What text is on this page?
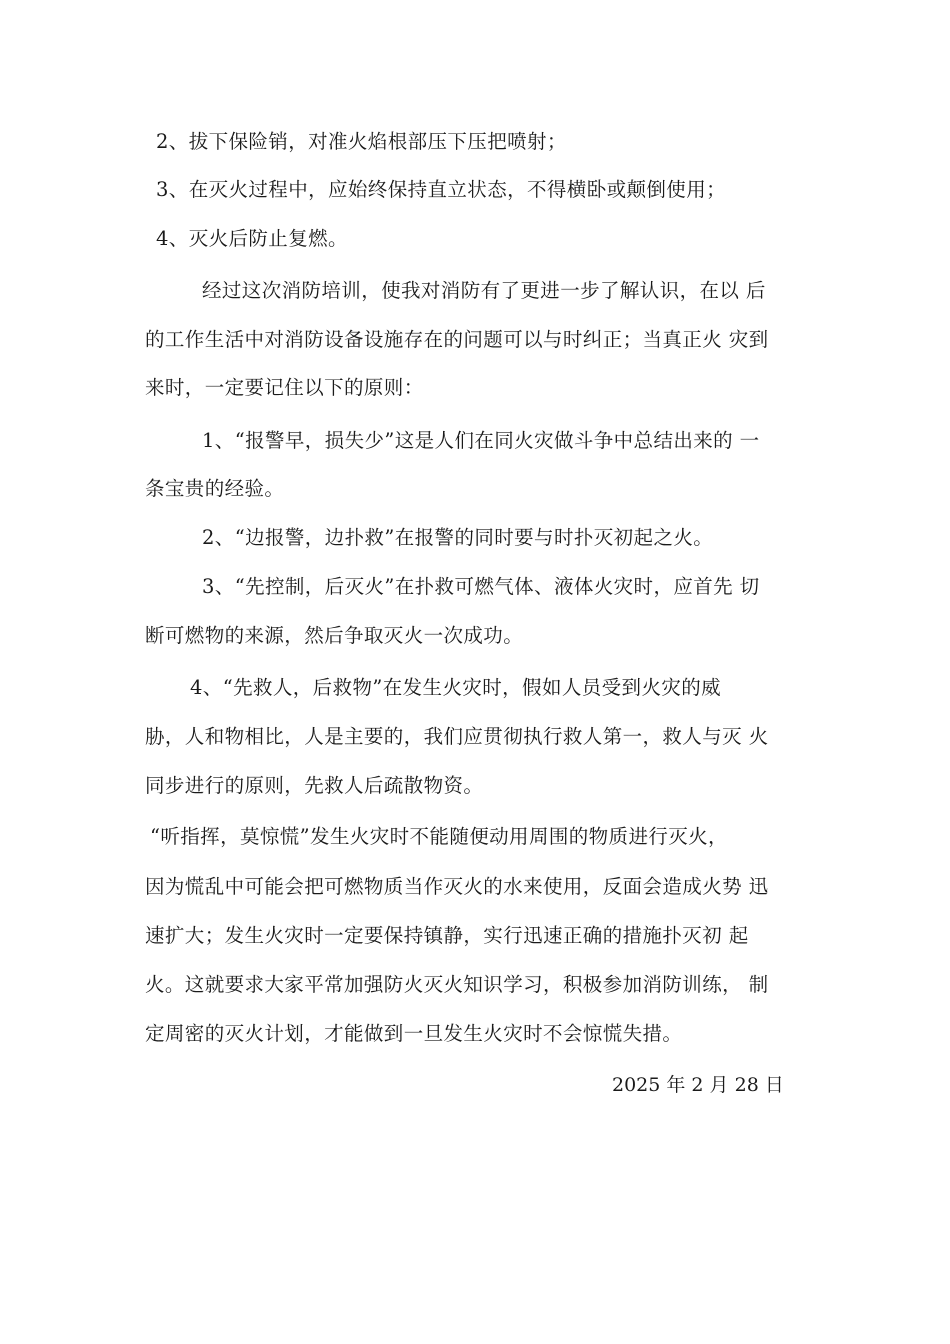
2、拔下保险销，对准火焰根部压下压把喷射；
3、在灭火过程中，应始终保持直立状态，不得横卧或颠倒使用；
4、灭火后防止复燃。
经过这次消防培训，使我对消防有了更进一步了解认识，在以 后
的工作生活中对消防设备设施存在的问题可以与时纠正；当真正火 灾到
来时，一定要记住以下的原则：
1、“报警早，损失少”这是人们在同火灾做斗争中总结出来的 一
条宝贵的经验。
2、“边报警，边扑救”在报警的同时要与时扑灭初起之火。
3、“先控制，后灭火”在扑救可燃气体、液体火灾时，应首先 切
断可燃物的来源，然后争取灭火一次成功。
4、“先救人，后救物”在发生火灾时，假如人员受到火灾的威
胁，人和物相比，人是主要的，我们应贯彻执行救人第一，救人与灭 火
同步进行的原则，先救人后疏散物资。
“听指挥，莫惊慌”发生火灾时不能随便动用周围的物质进行灭火，
因为慌乱中可能会把可燃物质当作灭火的水来使用，反面会造成火势 迅
速扩大；发生火灾时一定要保持镇静，实行迅速正确的措施扑灭初 起
火。这就要求大家平常加强防火灭火知识学习，积极参加消防训练， 制
定周密的灭火计划，才能做到一旦发生火灾时不会惊慌失措。
2025 年 2 月 28 日
